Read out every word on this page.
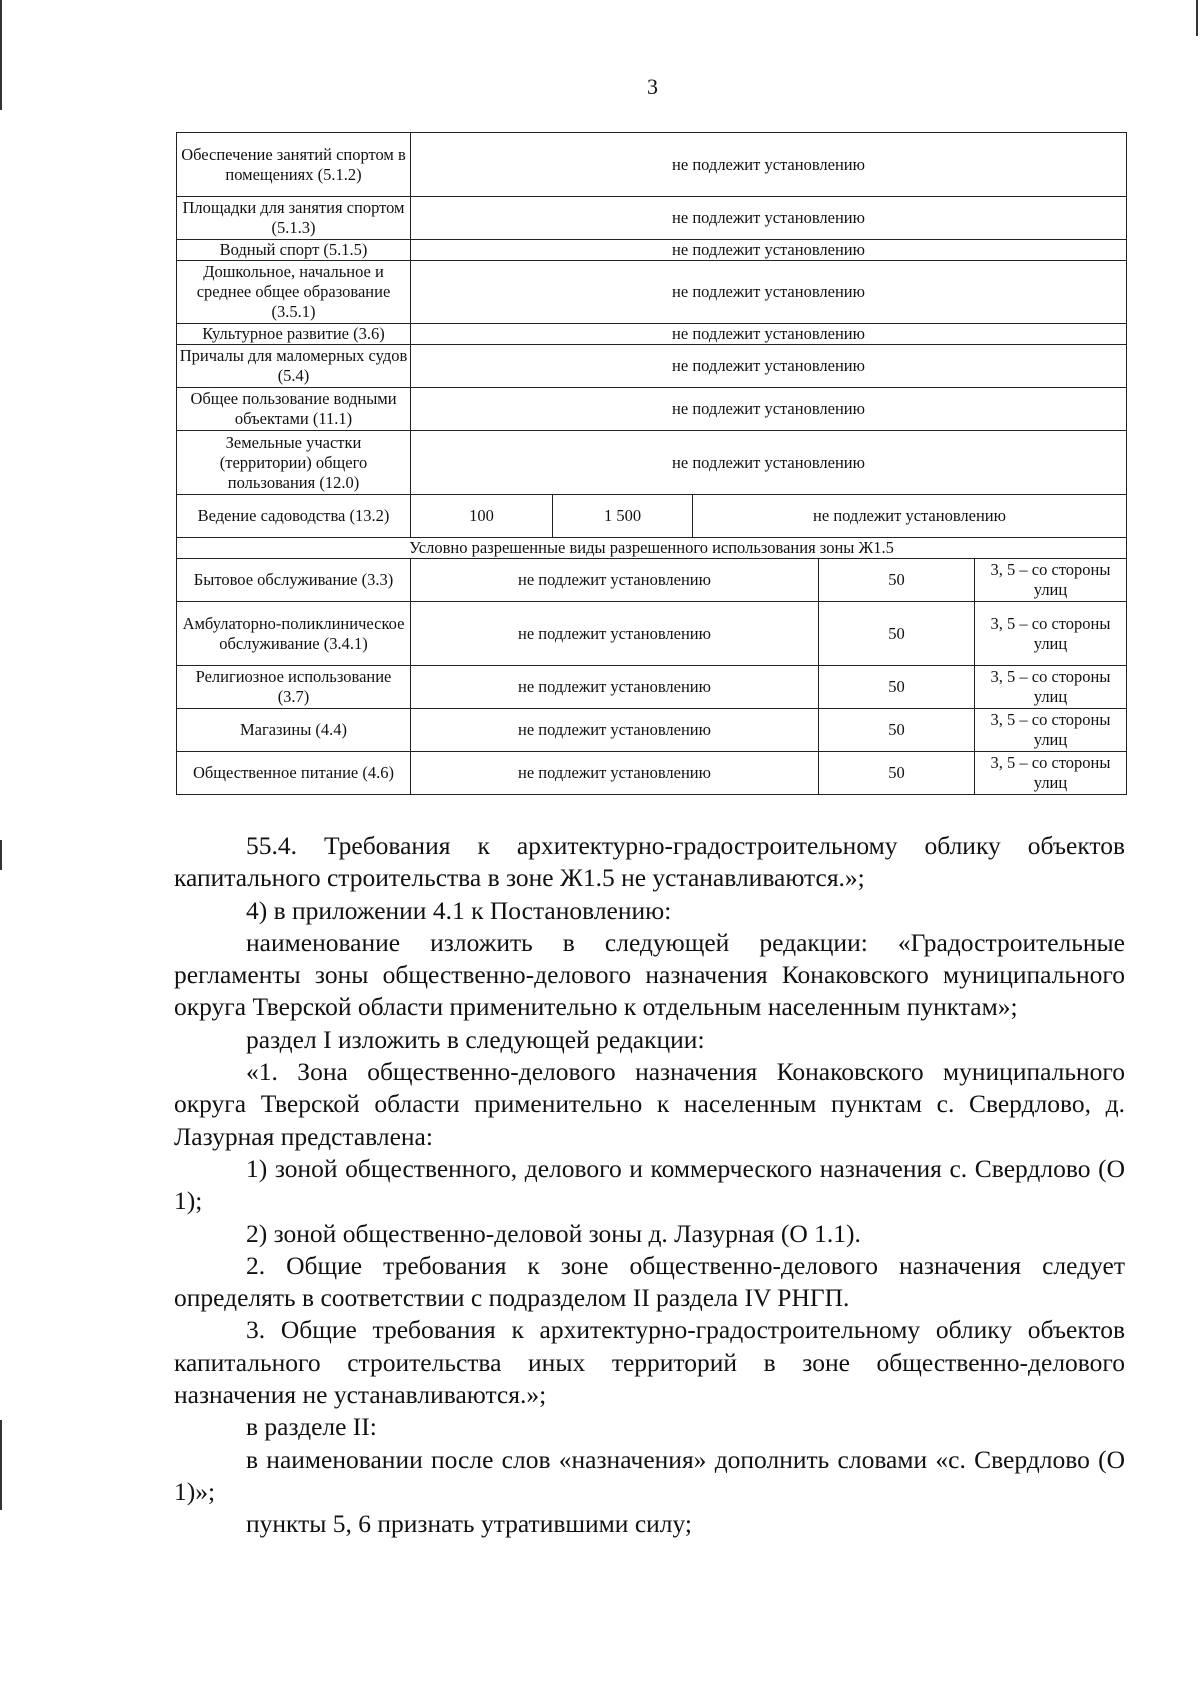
3
Обеспечение занятий спортом в помещениях (5.1.2)	не подлежит установлению				
Площадки для занятия спортом (5.1.3)	не подлежит установлению				
Водный спорт (5.1.5)	не подлежит установлению				
Дошкольное, начальное и среднее общее образование (3.5.1)	не подлежит установлению				
Культурное развитие (3.6)	не подлежит установлению				
Причалы для маломерных судов (5.4)	не подлежит установлению				
Общее пользование водными объектами (11.1)	не подлежит установлению				
Земельные участки (территории) общего пользования (12.0)	не подлежит установлению				
Ведение садоводства (13.2)	100	1 500	не подлежит установлению		
Условно разрешенные виды разрешенного использования зоны Ж1.5					
Бытовое обслуживание (3.3)	не подлежит установлению			50	3, 5 – со стороны улиц
Амбулаторно-поликлиническое обслуживание (3.4.1)	не подлежит установлению			50	3, 5 – со стороны улиц
Религиозное использование (3.7)	не подлежит установлению			50	3, 5 – со стороны улиц
Магазины (4.4)	не подлежит установлению			50	3, 5 – со стороны улиц
Общественное питание (4.6)	не подлежит установлению			50	3, 5 – со стороны улиц

55.4. Требования к архитектурно-градостроительному облику объектов капитального строительства в зоне Ж1.5 не устанавливаются.»;

4) в приложении 4.1 к Постановлению:

наименование изложить в следующей редакции: «Градостроительные регламенты зоны общественно-делового назначения Конаковского муниципального округа Тверской области применительно к отдельным населенным пунктам»;

раздел I изложить в следующей редакции:

«1. Зона общественно-делового назначения Конаковского муниципального округа Тверской области применительно к населенным пунктам с. Свердлово, д. Лазурная представлена:

1) зоной общественного, делового и коммерческого назначения с. Свердлово (О 1);

2) зоной общественно-деловой зоны д. Лазурная (О 1.1).

2. Общие требования к зоне общественно-делового назначения следует определять в соответствии с подразделом II раздела IV РНГП.

3. Общие требования к архитектурно-градостроительному облику объектов капитального строительства иных территорий в зоне общественно-делового назначения не устанавливаются.»;

в разделе II:

в наименовании после слов «назначения» дополнить словами «с. Свердлово (О 1)»;

пункты 5, 6 признать утратившими силу;
